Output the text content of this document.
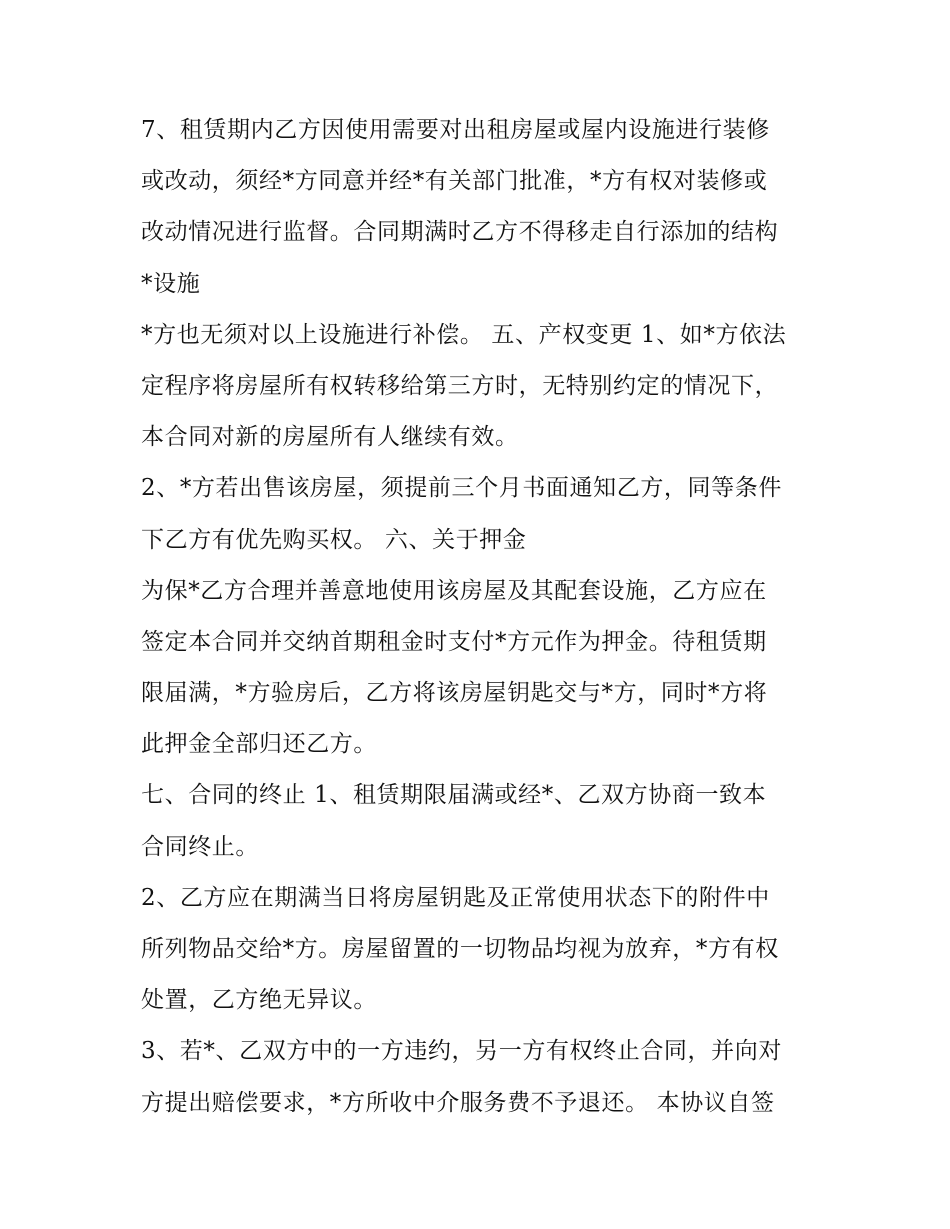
7、租赁期内乙方因使用需要对出租房屋或屋内设施进行装修
或改动，须经*方同意并经*有关部门批准，*方有权对装修或
改动情况进行监督。合同期满时乙方不得移走自行添加的结构
*设施
*方也无须对以上设施进行补偿。 五、产权变更 1、如*方依法
定程序将房屋所有权转移给第三方时，无特别约定的情况下，
本合同对新的房屋所有人继续有效。
2、*方若出售该房屋，须提前三个月书面通知乙方，同等条件
下乙方有优先购买权。 六、关于押金
为保*乙方合理并善意地使用该房屋及其配套设施，乙方应在
签定本合同并交纳首期租金时支付*方元作为押金。待租赁期
限届满，*方验房后，乙方将该房屋钥匙交与*方，同时*方将
此押金全部归还乙方。
七、合同的终止 1、租赁期限届满或经*、乙双方协商一致本
合同终止。
2、乙方应在期满当日将房屋钥匙及正常使用状态下的附件中
所列物品交给*方。房屋留置的一切物品均视为放弃，*方有权
处置，乙方绝无异议。
3、若*、乙双方中的一方违约，另一方有权终止合同，并向对
方提出赔偿要求，*方所收中介服务费不予退还。 本协议自签
